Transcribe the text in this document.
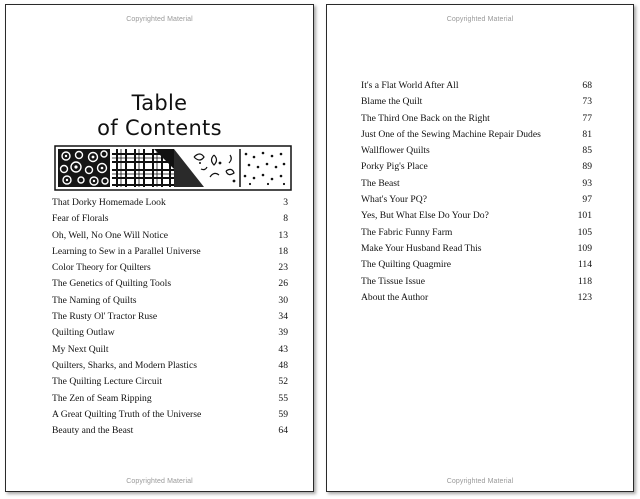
Copyrighted Material
Table
of Contents
That Dorky Homemade Look	3
Fear of Florals	8
Oh, Well, No One Will Notice	13
Learning to Sew in a Parallel Universe	18
Color Theory for Quilters	23
The Genetics of Quilting Tools	26
The Naming of Quilts	30
The Rusty Ol' Tractor Ruse	34
Quilting Outlaw	39
My Next Quilt	43
Quilters, Sharks, and Modern Plastics	48
The Quilting Lecture Circuit	52
The Zen of Seam Ripping	55
A Great Quilting Truth of the Universe	59
Beauty and the Beast	64
Copyrighted Material
Copyrighted Material
It's a Flat World After All	68
Blame the Quilt	73
The Third One Back on the Right	77
Just One of the Sewing Machine Repair Dudes	81
Wallflower Quilts	85
Porky Pig's Place	89
The Beast	93
What's Your PQ?	97
Yes, But What Else Do Your Do?	101
The Fabric Funny Farm	105
Make Your Husband Read This	109
The Quilting Quagmire	114
The Tissue Issue	118
About the Author	123
Copyrighted Material
